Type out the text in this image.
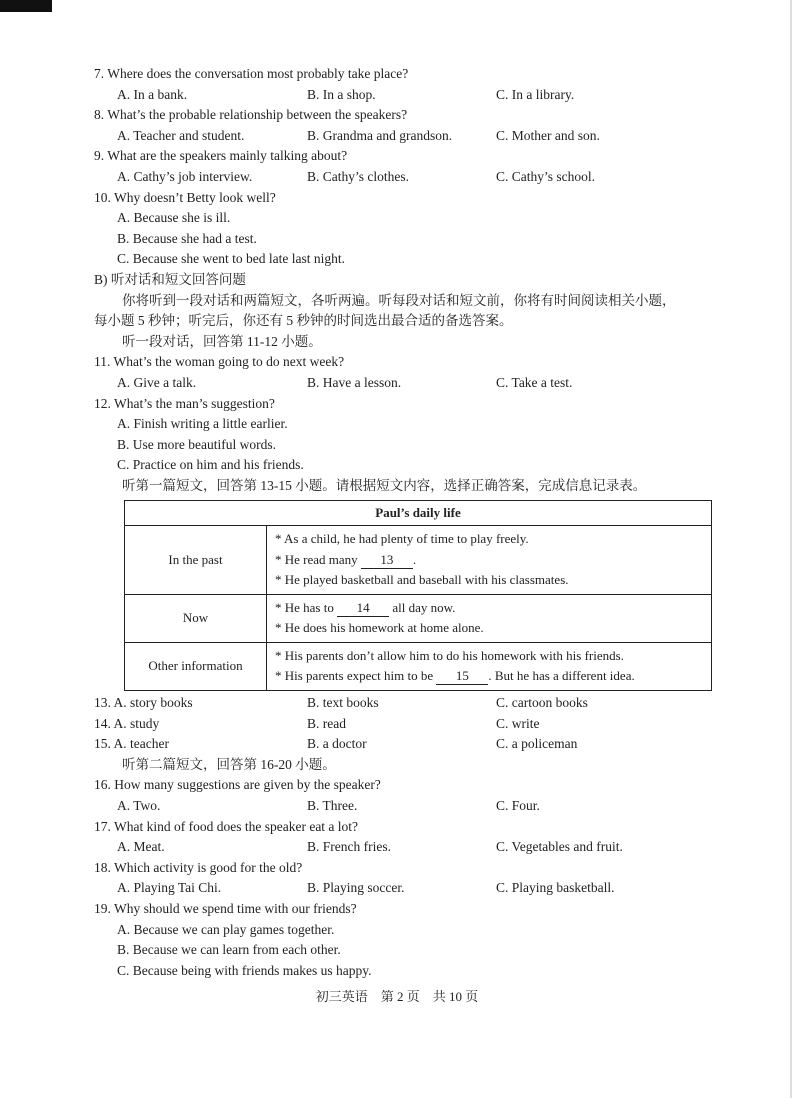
7. Where does the conversation most probably take place?
A. In a bank.	B. In a shop.	C. In a library.
8. What’s the probable relationship between the speakers?
A. Teacher and student.	B. Grandma and grandson.	C. Mother and son.
9. What are the speakers mainly talking about?
A. Cathy’s job interview.	B. Cathy’s clothes.	C. Cathy’s school.
10. Why doesn’t Betty look well?
A. Because she is ill.
B. Because she had a test.
C. Because she went to bed late last night.
B) 听对话和短文回答问题
你将听到一段对话和两篇短文，各听两遍。听每段对话和短文前，你将有时间阅读相关小题，
每小题 5 秒钟；听完后，你还有 5 秒钟的时间选出最合适的备选答案。
听一段对话，回答第 11-12 小题。
11. What’s the woman going to do next week?
A. Give a talk.	B. Have a lesson.	C. Take a test.
12. What’s the man’s suggestion?
A. Finish writing a little earlier.
B. Use more beautiful words.
C. Practice on him and his friends.
听第一篇短文，回答第 13-15 小题。请根据短文内容，选择正确答案，完成信息记录表。
Paul’s daily life	
In the past	* As a child, he had plenty of time to play freely.
* He read many 13 .
* He played basketball and baseball with his classmates.

Now	* He has to 14 all day now.
* He does his homework at home alone.

Other information	* His parents don’t allow him to do his homework with his friends.
* His parents expect him to be 15 . But he has a different idea.
13. A. story books	B. text books	C. cartoon books
14. A. study	B. read	C. write
15. A. teacher	B. a doctor	C. a policeman
听第二篇短文，回答第 16-20 小题。
16. How many suggestions are given by the speaker?
A. Two.	B. Three.	C. Four.
17. What kind of food does the speaker eat a lot?
A. Meat.	B. French fries.	C. Vegetables and fruit.
18. Which activity is good for the old?
A. Playing Tai Chi.	B. Playing soccer.	C. Playing basketball.
19. Why should we spend time with our friends?
A. Because we can play games together.
B. Because we can learn from each other.
C. Because being with friends makes us happy.
初三英语　第 2 页　共 10 页
